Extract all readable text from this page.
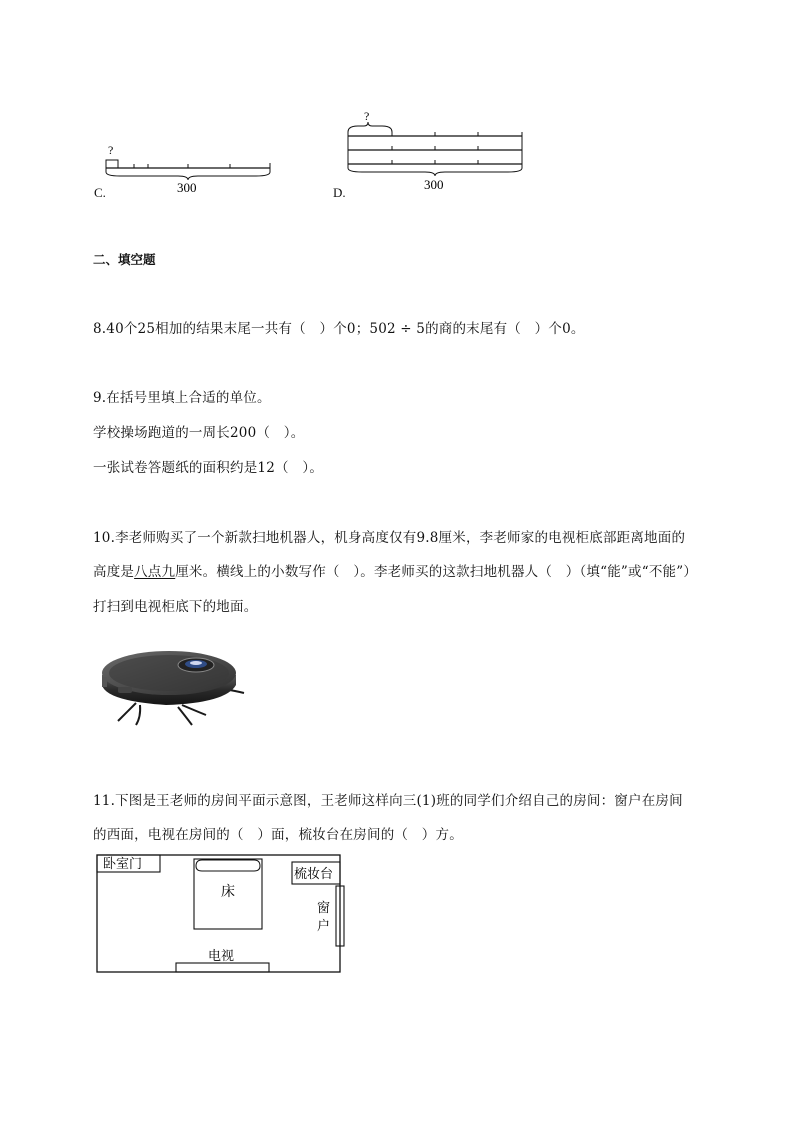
?
300
C.
?
300
D.
二、填空题
8.40个25相加的结果末尾一共有（　）个0；502 ÷ 5的商的末尾有（　）个0。
9.在括号里填上合适的单位。
学校操场跑道的一周长200（　）。
一张试卷答题纸的面积约是12（　）。
10.李老师购买了一个新款扫地机器人，机身高度仅有9.8厘米，李老师家的电视柜底部距离地面的
高度是八点九厘米。横线上的小数写作（　）。李老师买的这款扫地机器人（　）（填“能”或“不能”）
打扫到电视柜底下的地面。
11.下图是王老师的房间平面示意图，王老师这样向三(1)班的同学们介绍自己的房间：窗户在房间
的西面，电视在房间的（　）面，梳妆台在房间的（　）方。
卧室门
床
梳妆台
窗
户
电视
